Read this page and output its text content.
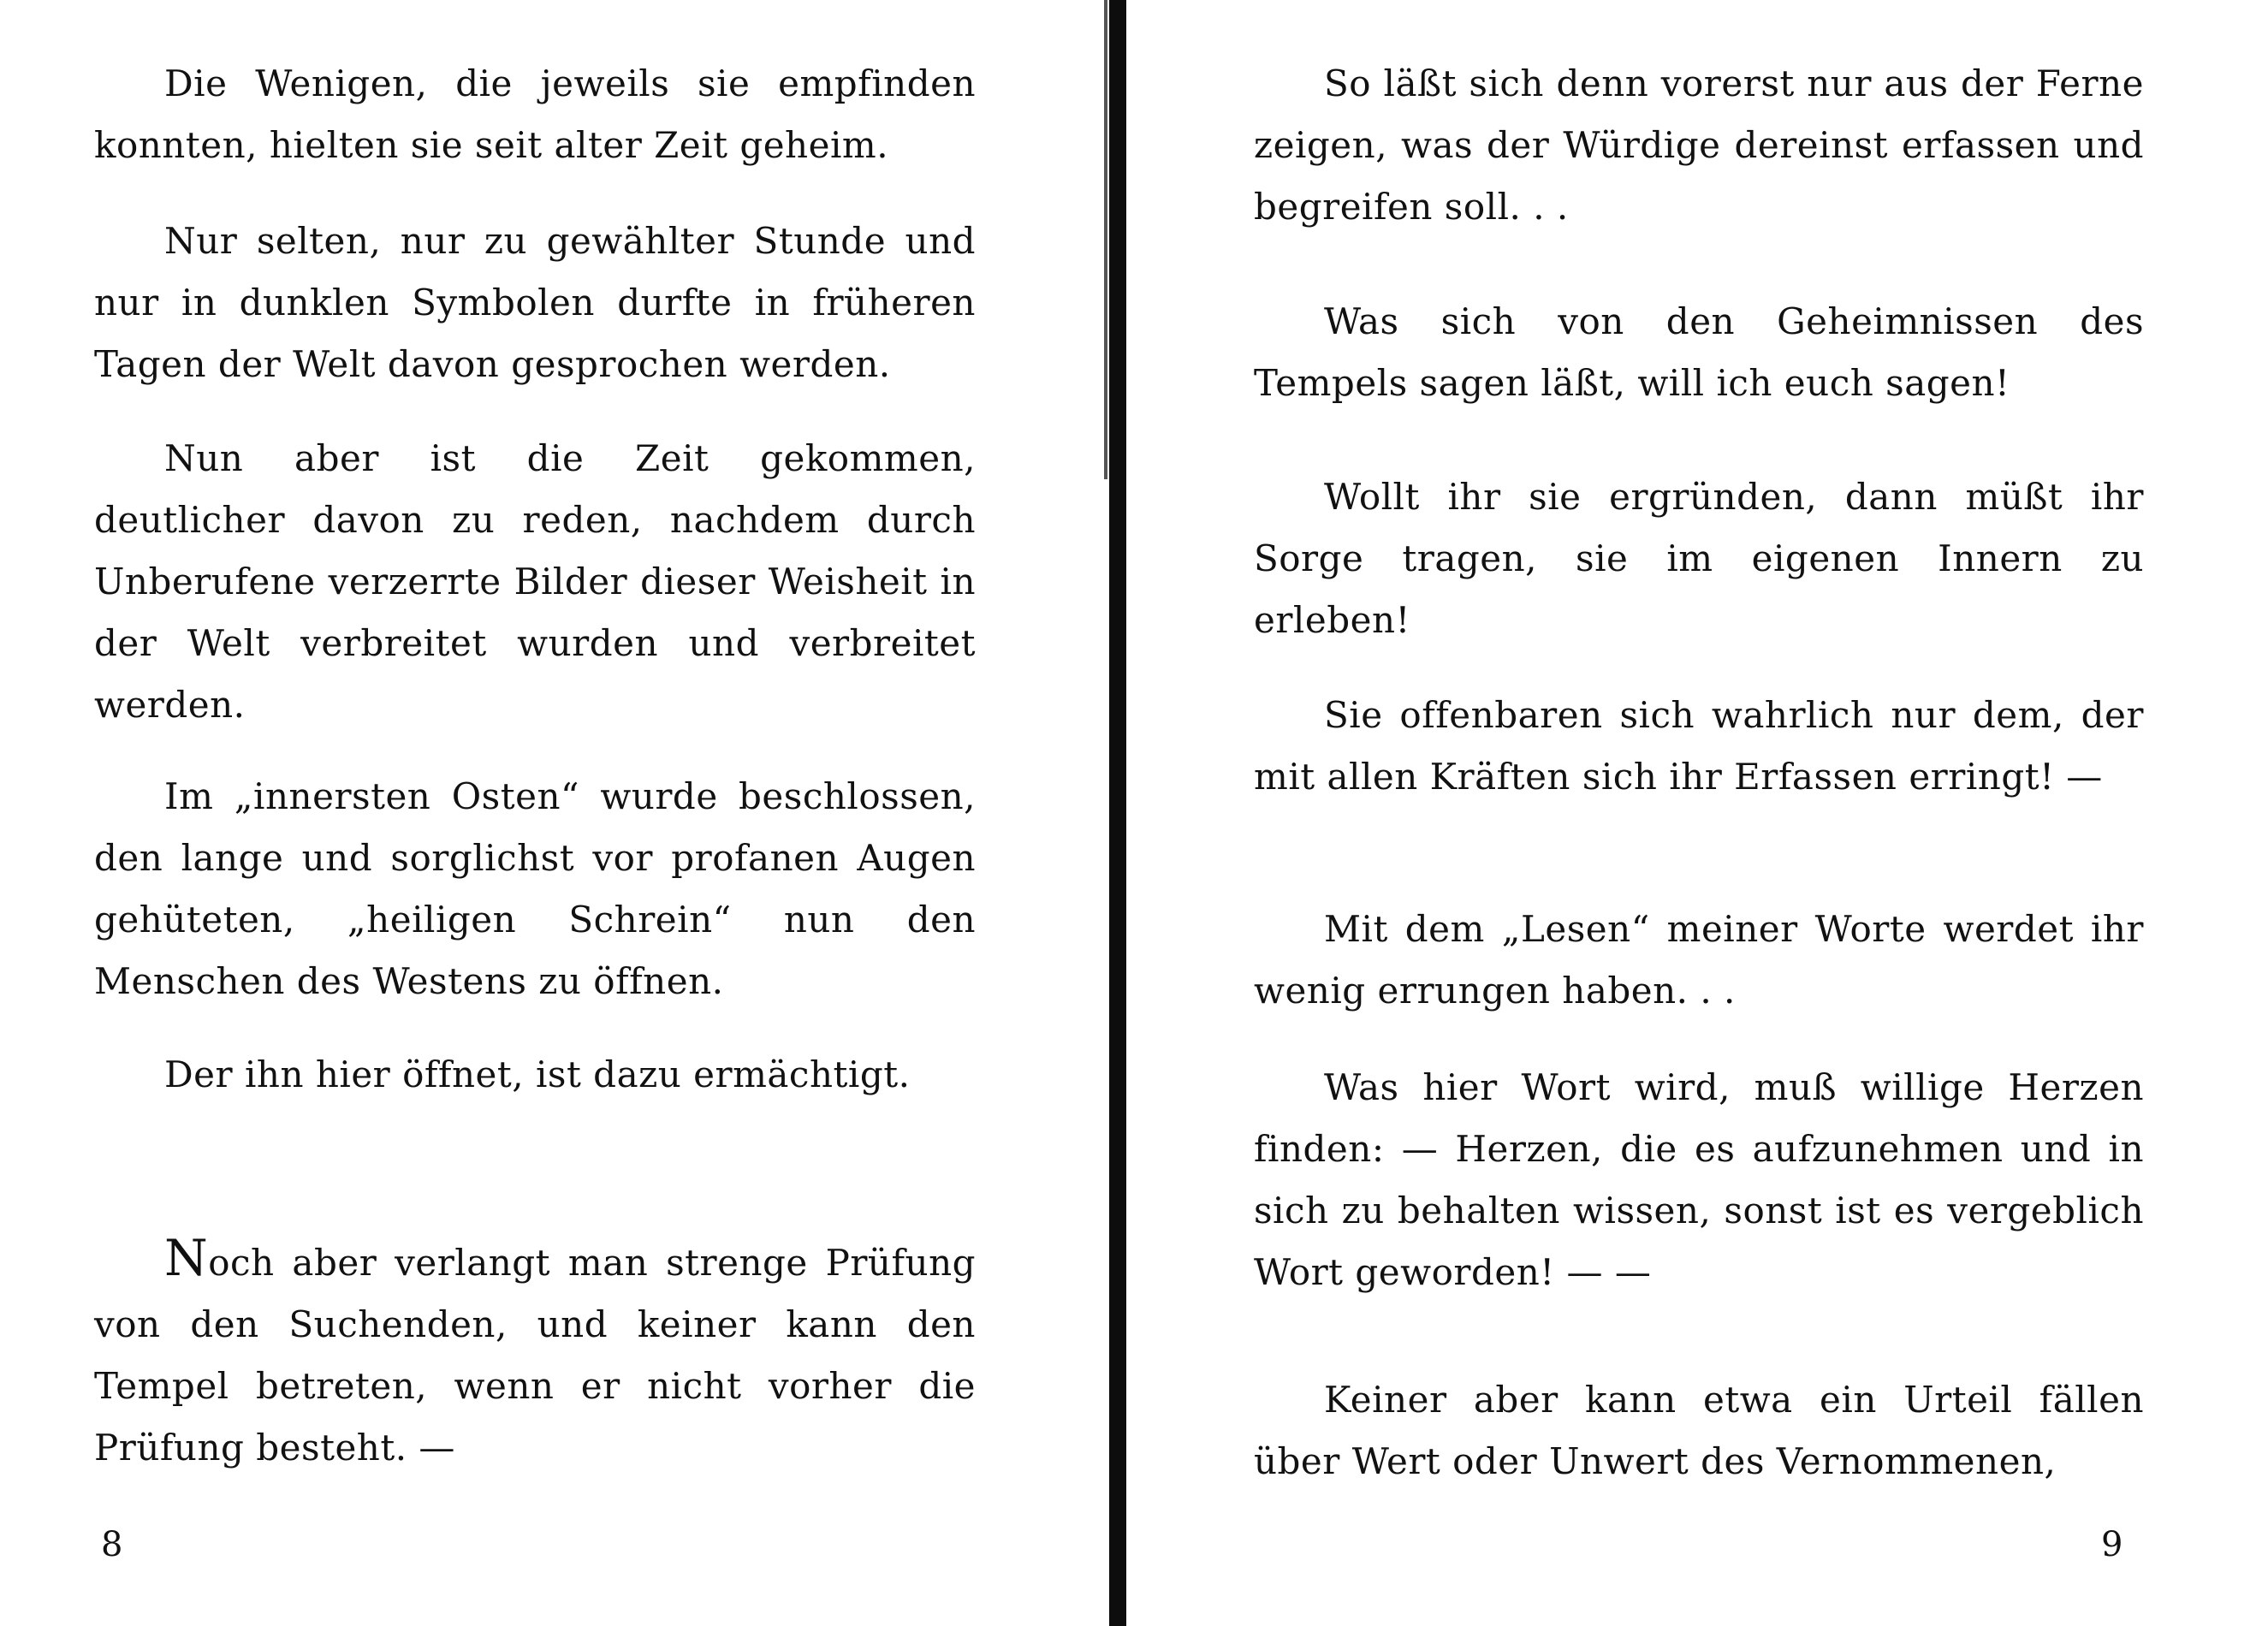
Die Wenigen, die jeweils sie empfinden konnten, hielten sie seit alter Zeit geheim.

Nur selten, nur zu gewählter Stunde und nur in dunklen Symbolen durfte in früheren Tagen der Welt davon gesprochen werden.

Nun aber ist die Zeit gekommen, deutlicher davon zu reden, nachdem durch Unberufene verzerrte Bilder dieser Weisheit in der Welt verbreitet wurden und verbreitet werden.

Im „innersten Osten“ wurde beschlossen, den lange und sorglichst vor profanen Augen gehüteten, „heiligen Schrein“ nun den Menschen des Westens zu öffnen.

Der ihn hier öffnet, ist dazu ermächtigt.

Noch aber verlangt man strenge Prüfung von den Suchenden, und keiner kann den Tempel betreten, wenn er nicht vorher die Prüfung besteht. —

8

So läßt sich denn vorerst nur aus der Ferne zeigen, was der Würdige dereinst erfassen und begreifen soll. . .

Was sich von den Geheimnissen des Tempels sagen läßt, will ich euch sagen!

Wollt ihr sie ergründen, dann müßt ihr Sorge tragen, sie im eigenen Innern zu erleben!

Sie offenbaren sich wahrlich nur dem, der mit allen Kräften sich ihr Erfassen erringt! —

Mit dem „Lesen“ meiner Worte werdet ihr wenig errungen haben. . .

Was hier Wort wird, muß willige Herzen finden: — Herzen, die es aufzunehmen und in sich zu behalten wissen, sonst ist es vergeblich Wort geworden! — —

Keiner aber kann etwa ein Urteil fällen über Wert oder Unwert des Vernommenen,

9
